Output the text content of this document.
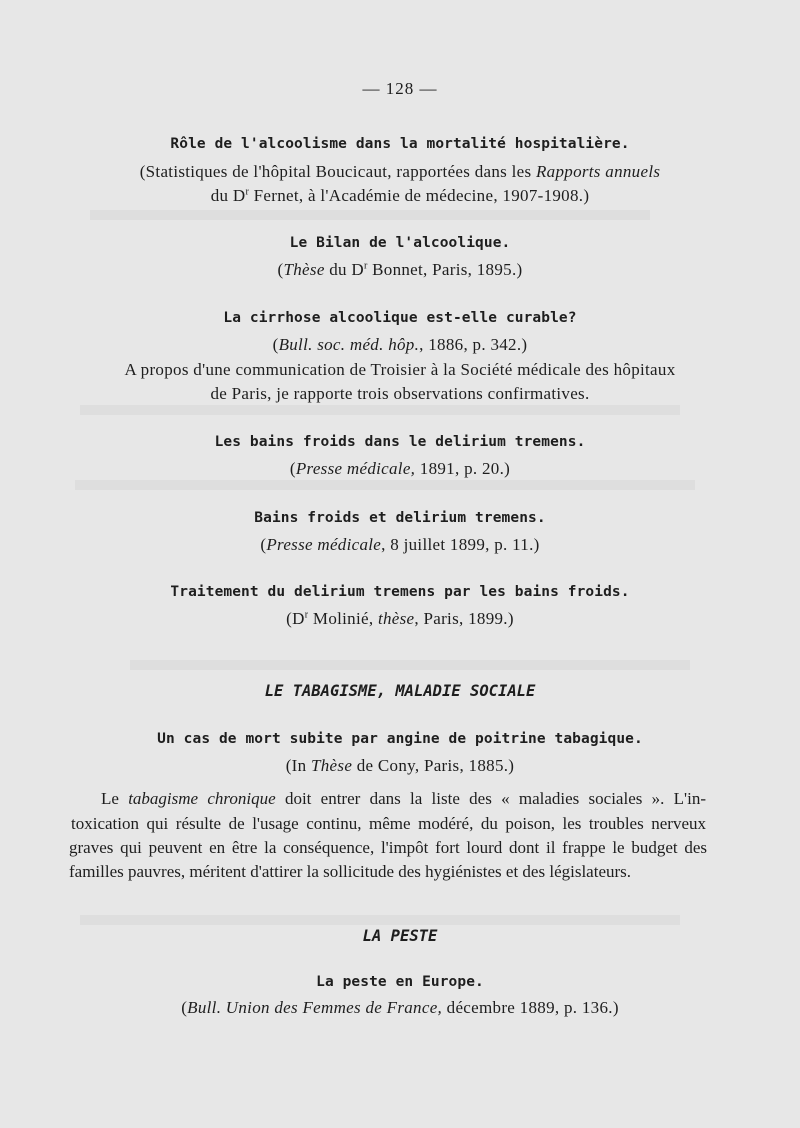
— 128 —
Rôle de l'alcoolisme dans la mortalité hospitalière.
(Statistiques de l'hôpital Boucicaut, rapportées dans les Rapports annuels
du $D^r$ Fernet, à l'Académie de médecine, 1907-1908.)
Le Bilan de l'alcoolique.
(Thèse du $D^r$ Bonnet, Paris, 1895.)
La cirrhose alcoolique est-elle curable?
(Bull. soc. méd. hôp., 1886, p. 342.)
A propos d'une communication de Troisier à la Société médicale des hôpitaux
de Paris, je rapporte trois observations confirmatives.
Les bains froids dans le delirium tremens.
(Presse médicale, 1891, p. 20.)
Bains froids et delirium tremens.
(Presse médicale, 8 juillet 1899, p. 11.)
Traitement du delirium tremens par les bains froids.
($D^r$ Molinié, thèse, Paris, 1899.)
LE TABAGISME, MALADIE SOCIALE
Un cas de mort subite par angine de poitrine tabagique.
(In Thèse de Cony, Paris, 1885.)
Le tabagisme chronique doit entrer dans la liste des « maladies sociales ». L'in-
toxication qui résulte de l'usage continu, même modéré, du poison, les troubles nerveux
graves qui peuvent en être la conséquence, l'impôt fort lourd dont il frappe le budget des
familles pauvres, méritent d'attirer la sollicitude des hygiénistes et des législateurs.
LA PESTE
La peste en Europe.
(Bull. Union des Femmes de France, décembre 1889, p. 136.)
